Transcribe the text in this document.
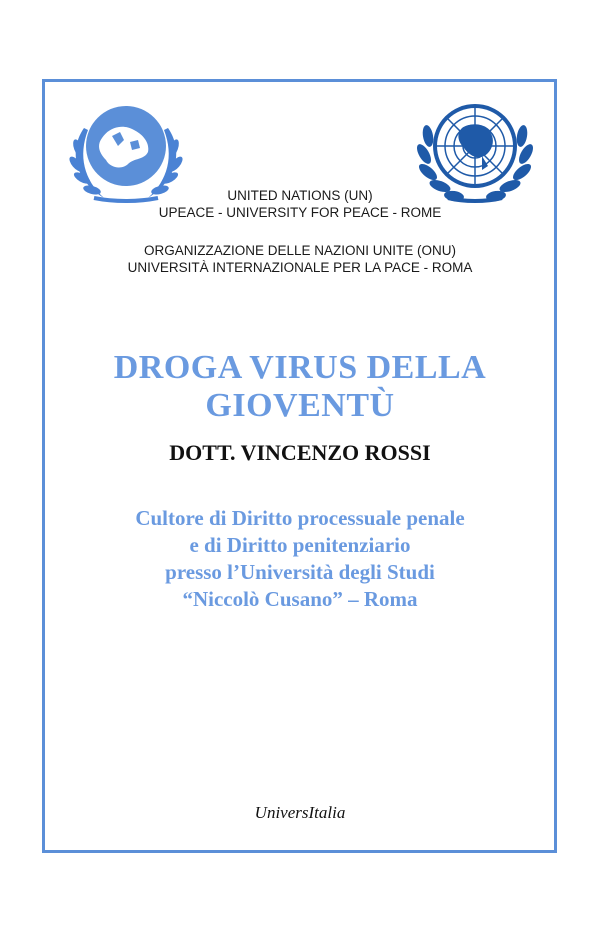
UNITED NATIONS (UN)
UPEACE - UNIVERSITY FOR PEACE - ROME
ORGANIZZAZIONE DELLE NAZIONI UNITE (ONU)
UNIVERSITÀ INTERNAZIONALE PER LA PACE - ROMA
DROGA VIRUS DELLA
GIOVENTÙ
DOTT. VINCENZO ROSSI
Cultore di Diritto processuale penale
e di Diritto penitenziario
presso l’Università degli Studi
“Niccolò Cusano” – Roma
UniversItalia
